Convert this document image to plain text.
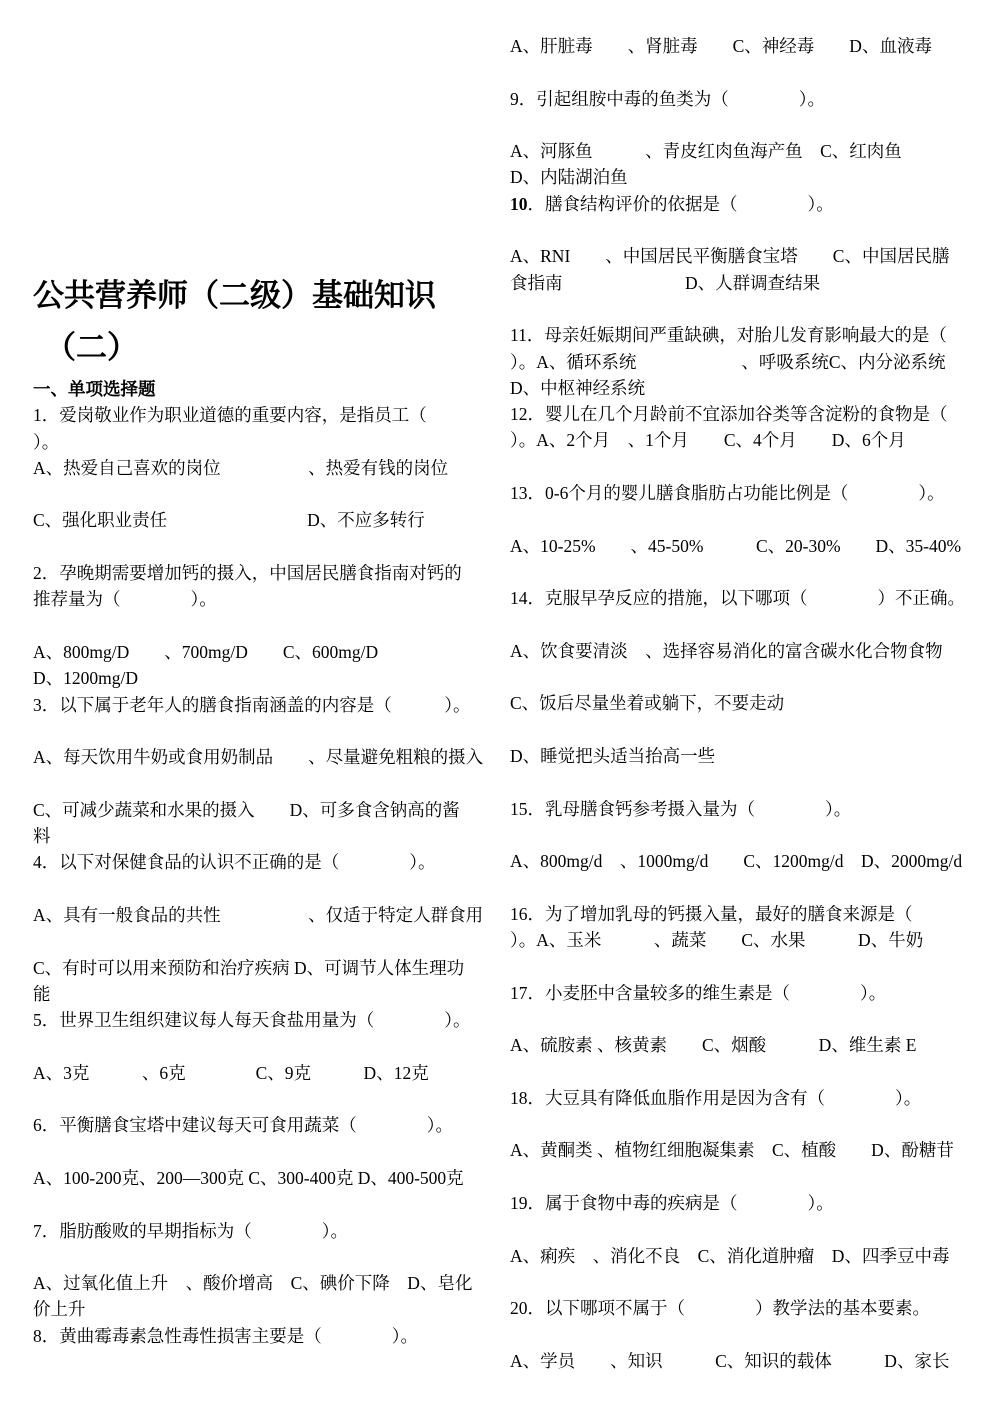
公共营养师（二级）基础知识
（二）
一、单项选择题
1．爱岗敬业作为职业道德的重要内容，是指员工（
）。
A、热爱自己喜欢的岗位　　　　　、热爱有钱的岗位
C、强化职业责任　　　　　　　　D、不应多转行
2．孕晚期需要增加钙的摄入，中国居民膳食指南对钙的
推荐量为（　　　　）。
A、800mg/D　　、700mg/D　　C、600mg/D
D、1200mg/D
3．以下属于老年人的膳食指南涵盖的内容是（　　　）。
A、每天饮用牛奶或食用奶制品　　、尽量避免粗粮的摄入
C、可减少蔬菜和水果的摄入　　D、可多食含钠高的酱
料
4．以下对保健食品的认识不正确的是（　　　　）。
A、具有一般食品的共性　　　　　、仅适于特定人群食用
C、有时可以用来预防和治疗疾病 D、可调节人体生理功
能
5．世界卫生组织建议每人每天食盐用量为（　　　　）。
A、3克　　　、6克　　　　C、9克　　　D、12克
6．平衡膳食宝塔中建议每天可食用蔬菜（　　　　）。
A、100-200克、200—300克 C、300-400克 D、400-500克
7．脂肪酸败的早期指标为（　　　　）。
A、过氧化值上升　、酸价增高　C、碘价下降　D、皂化
价上升
8．黄曲霉毒素急性毒性损害主要是（　　　　）。
A、肝脏毒　　、肾脏毒　　C、神经毒　　D、血液毒
9．引起组胺中毒的鱼类为（　　　　）。
A、河豚鱼　　　、青皮红肉鱼海产鱼　C、红肉鱼
D、内陆湖泊鱼
10．膳食结构评价的依据是（　　　　）。
A、RNI　　、中国居民平衡膳食宝塔　　C、中国居民膳
食指南　　　　　　　D、人群调查结果
11．母亲妊娠期间严重缺碘，对胎儿发育影响最大的是（
）。A、循环系统　　　　　　、呼吸系统C、内分泌系统
D、中枢神经系统
12．婴儿在几个月龄前不宜添加谷类等含淀粉的食物是（
）。A、2个月　、1个月　　C、4个月　　D、6个月
13．0-6个月的婴儿膳食脂肪占功能比例是（　　　　）。
A、10-25%　　、45-50%　　　C、20-30%　　D、35-40%
14．克服早孕反应的措施，以下哪项（　　　　）不正确。
A、饮食要清淡　、选择容易消化的富含碳水化合物食物
C、饭后尽量坐着或躺下，不要走动
D、睡觉把头适当抬高一些
15．乳母膳食钙参考摄入量为（　　　　）。
A、800mg/d　、1000mg/d　　C、1200mg/d　D、2000mg/d
16．为了增加乳母的钙摄入量，最好的膳食来源是（
）。A、玉米　　　、蔬菜　　C、水果　　　D、牛奶
17．小麦胚中含量较多的维生素是（　　　　）。
A、硫胺素 、核黄素　　C、烟酸　　　D、维生素 E
18．大豆具有降低血脂作用是因为含有（　　　　）。
A、黄酮类 、植物红细胞凝集素　C、植酸　　D、酚糖苷
19．属于食物中毒的疾病是（　　　　）。
A、痢疾　、消化不良　C、消化道肿瘤　D、四季豆中毒
20．以下哪项不属于（　　　　）教学法的基本要素。
A、学员　　、知识　　　C、知识的载体　　　D、家长
